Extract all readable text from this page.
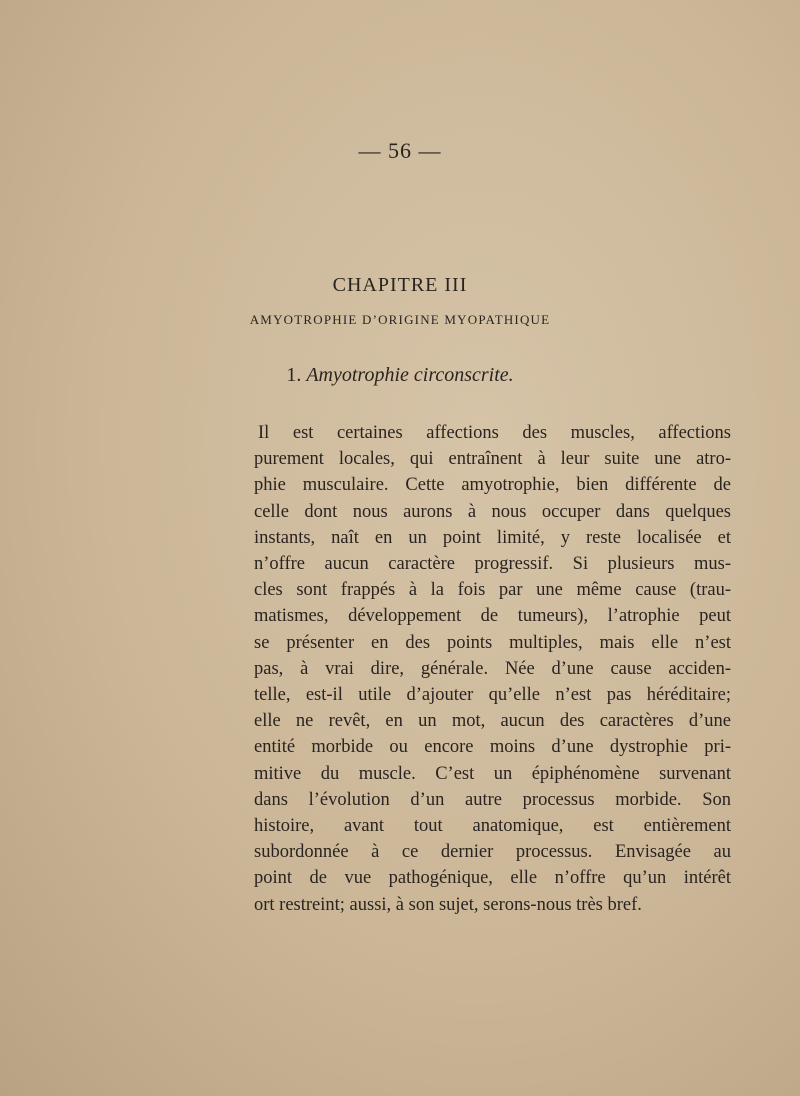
— 56 —
CHAPITRE III
AMYOTROPHIE D’ORIGINE MYOPATHIQUE
1. Amyotrophie circonscrite.
Il est certaines affections des muscles, affections
purement locales, qui entraînent à leur suite une atro-
phie musculaire. Cette amyotrophie, bien différente de
celle dont nous aurons à nous occuper dans quelques
instants, naît en un point limité, y reste localisée et
n’offre aucun caractère progressif. Si plusieurs mus-
cles sont frappés à la fois par une même cause (trau-
matismes, développement de tumeurs), l’atrophie peut
se présenter en des points multiples, mais elle n’est
pas, à vrai dire, générale. Née d’une cause acciden-
telle, est-il utile d’ajouter qu’elle n’est pas héréditaire;
elle ne revêt, en un mot, aucun des caractères d’une
entité morbide ou encore moins d’une dystrophie pri-
mitive du muscle. C’est un épiphénomène survenant
dans l’évolution d’un autre processus morbide. Son
histoire, avant tout anatomique, est entièrement
subordonnée à ce dernier processus. Envisagée au
point de vue pathogénique, elle n’offre qu’un intérêt
ort restreint; aussi, à son sujet, serons-nous très bref.
